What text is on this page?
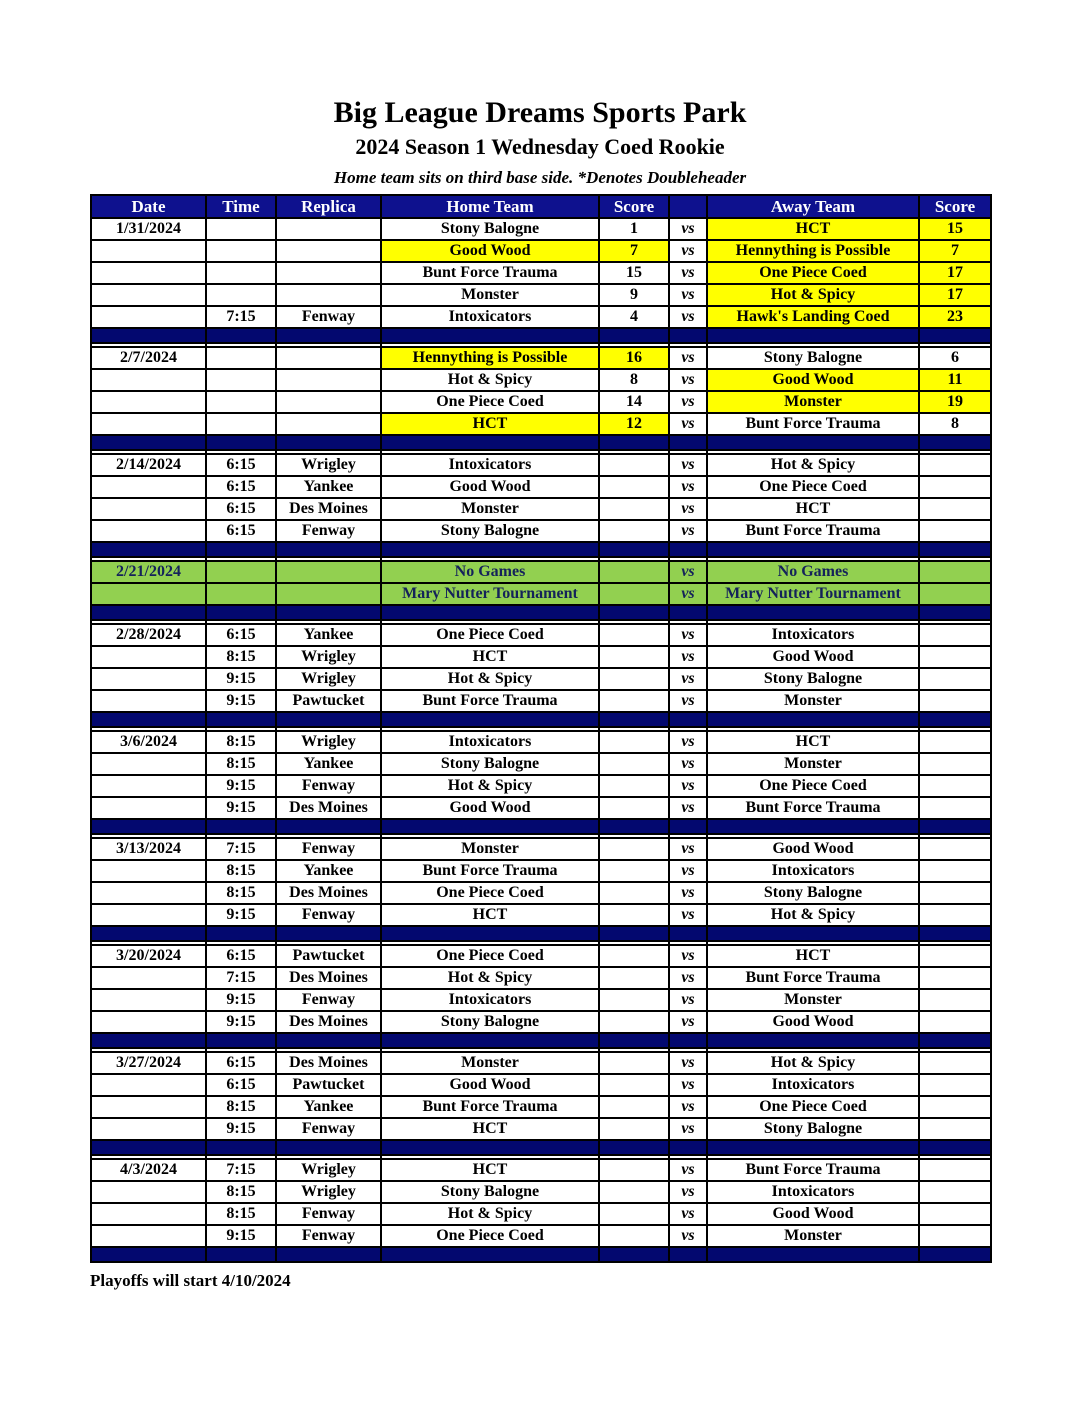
Big League Dreams Sports Park
2024 Season 1 Wednesday Coed Rookie
Home team sits on third base side. *Denotes Doubleheader
Date	Time	Replica	Home Team	Score		Away Team	Score
1/31/2024			Stony Balogne	1	vs	HCT	15
			Good Wood	7	vs	Hennything is Possible	7
			Bunt Force Trauma	15	vs	One Piece Coed	17
			Monster	9	vs	Hot & Spicy	17
	7:15	Fenway	Intoxicators	4	vs	Hawk's Landing Coed	23

2/7/2024			Hennything is Possible	16	vs	Stony Balogne	6
			Hot & Spicy	8	vs	Good Wood	11
			One Piece Coed	14	vs	Monster	19
			HCT	12	vs	Bunt Force Trauma	8

2/14/2024	6:15	Wrigley	Intoxicators		vs	Hot & Spicy	
	6:15	Yankee	Good Wood		vs	One Piece Coed	
	6:15	Des Moines	Monster		vs	HCT	
	6:15	Fenway	Stony Balogne		vs	Bunt Force Trauma	

2/21/2024			No Games		vs	No Games	
			Mary Nutter Tournament		vs	Mary Nutter Tournament	

2/28/2024	6:15	Yankee	One Piece Coed		vs	Intoxicators	
	8:15	Wrigley	HCT		vs	Good Wood	
	9:15	Wrigley	Hot & Spicy		vs	Stony Balogne	
	9:15	Pawtucket	Bunt Force Trauma		vs	Monster	

3/6/2024	8:15	Wrigley	Intoxicators		vs	HCT	
	8:15	Yankee	Stony Balogne		vs	Monster	
	9:15	Fenway	Hot & Spicy		vs	One Piece Coed	
	9:15	Des Moines	Good Wood		vs	Bunt Force Trauma	

3/13/2024	7:15	Fenway	Monster		vs	Good Wood	
	8:15	Yankee	Bunt Force Trauma		vs	Intoxicators	
	8:15	Des Moines	One Piece Coed		vs	Stony Balogne	
	9:15	Fenway	HCT		vs	Hot & Spicy	

3/20/2024	6:15	Pawtucket	One Piece Coed		vs	HCT	
	7:15	Des Moines	Hot & Spicy		vs	Bunt Force Trauma	
	9:15	Fenway	Intoxicators		vs	Monster	
	9:15	Des Moines	Stony Balogne		vs	Good Wood	

3/27/2024	6:15	Des Moines	Monster		vs	Hot & Spicy	
	6:15	Pawtucket	Good Wood		vs	Intoxicators	
	8:15	Yankee	Bunt Force Trauma		vs	One Piece Coed	
	9:15	Fenway	HCT		vs	Stony Balogne	

4/3/2024	7:15	Wrigley	HCT		vs	Bunt Force Trauma	
	8:15	Wrigley	Stony Balogne		vs	Intoxicators	
	8:15	Fenway	Hot & Spicy		vs	Good Wood	
	9:15	Fenway	One Piece Coed		vs	Monster	

Playoffs will start 4/10/2024
